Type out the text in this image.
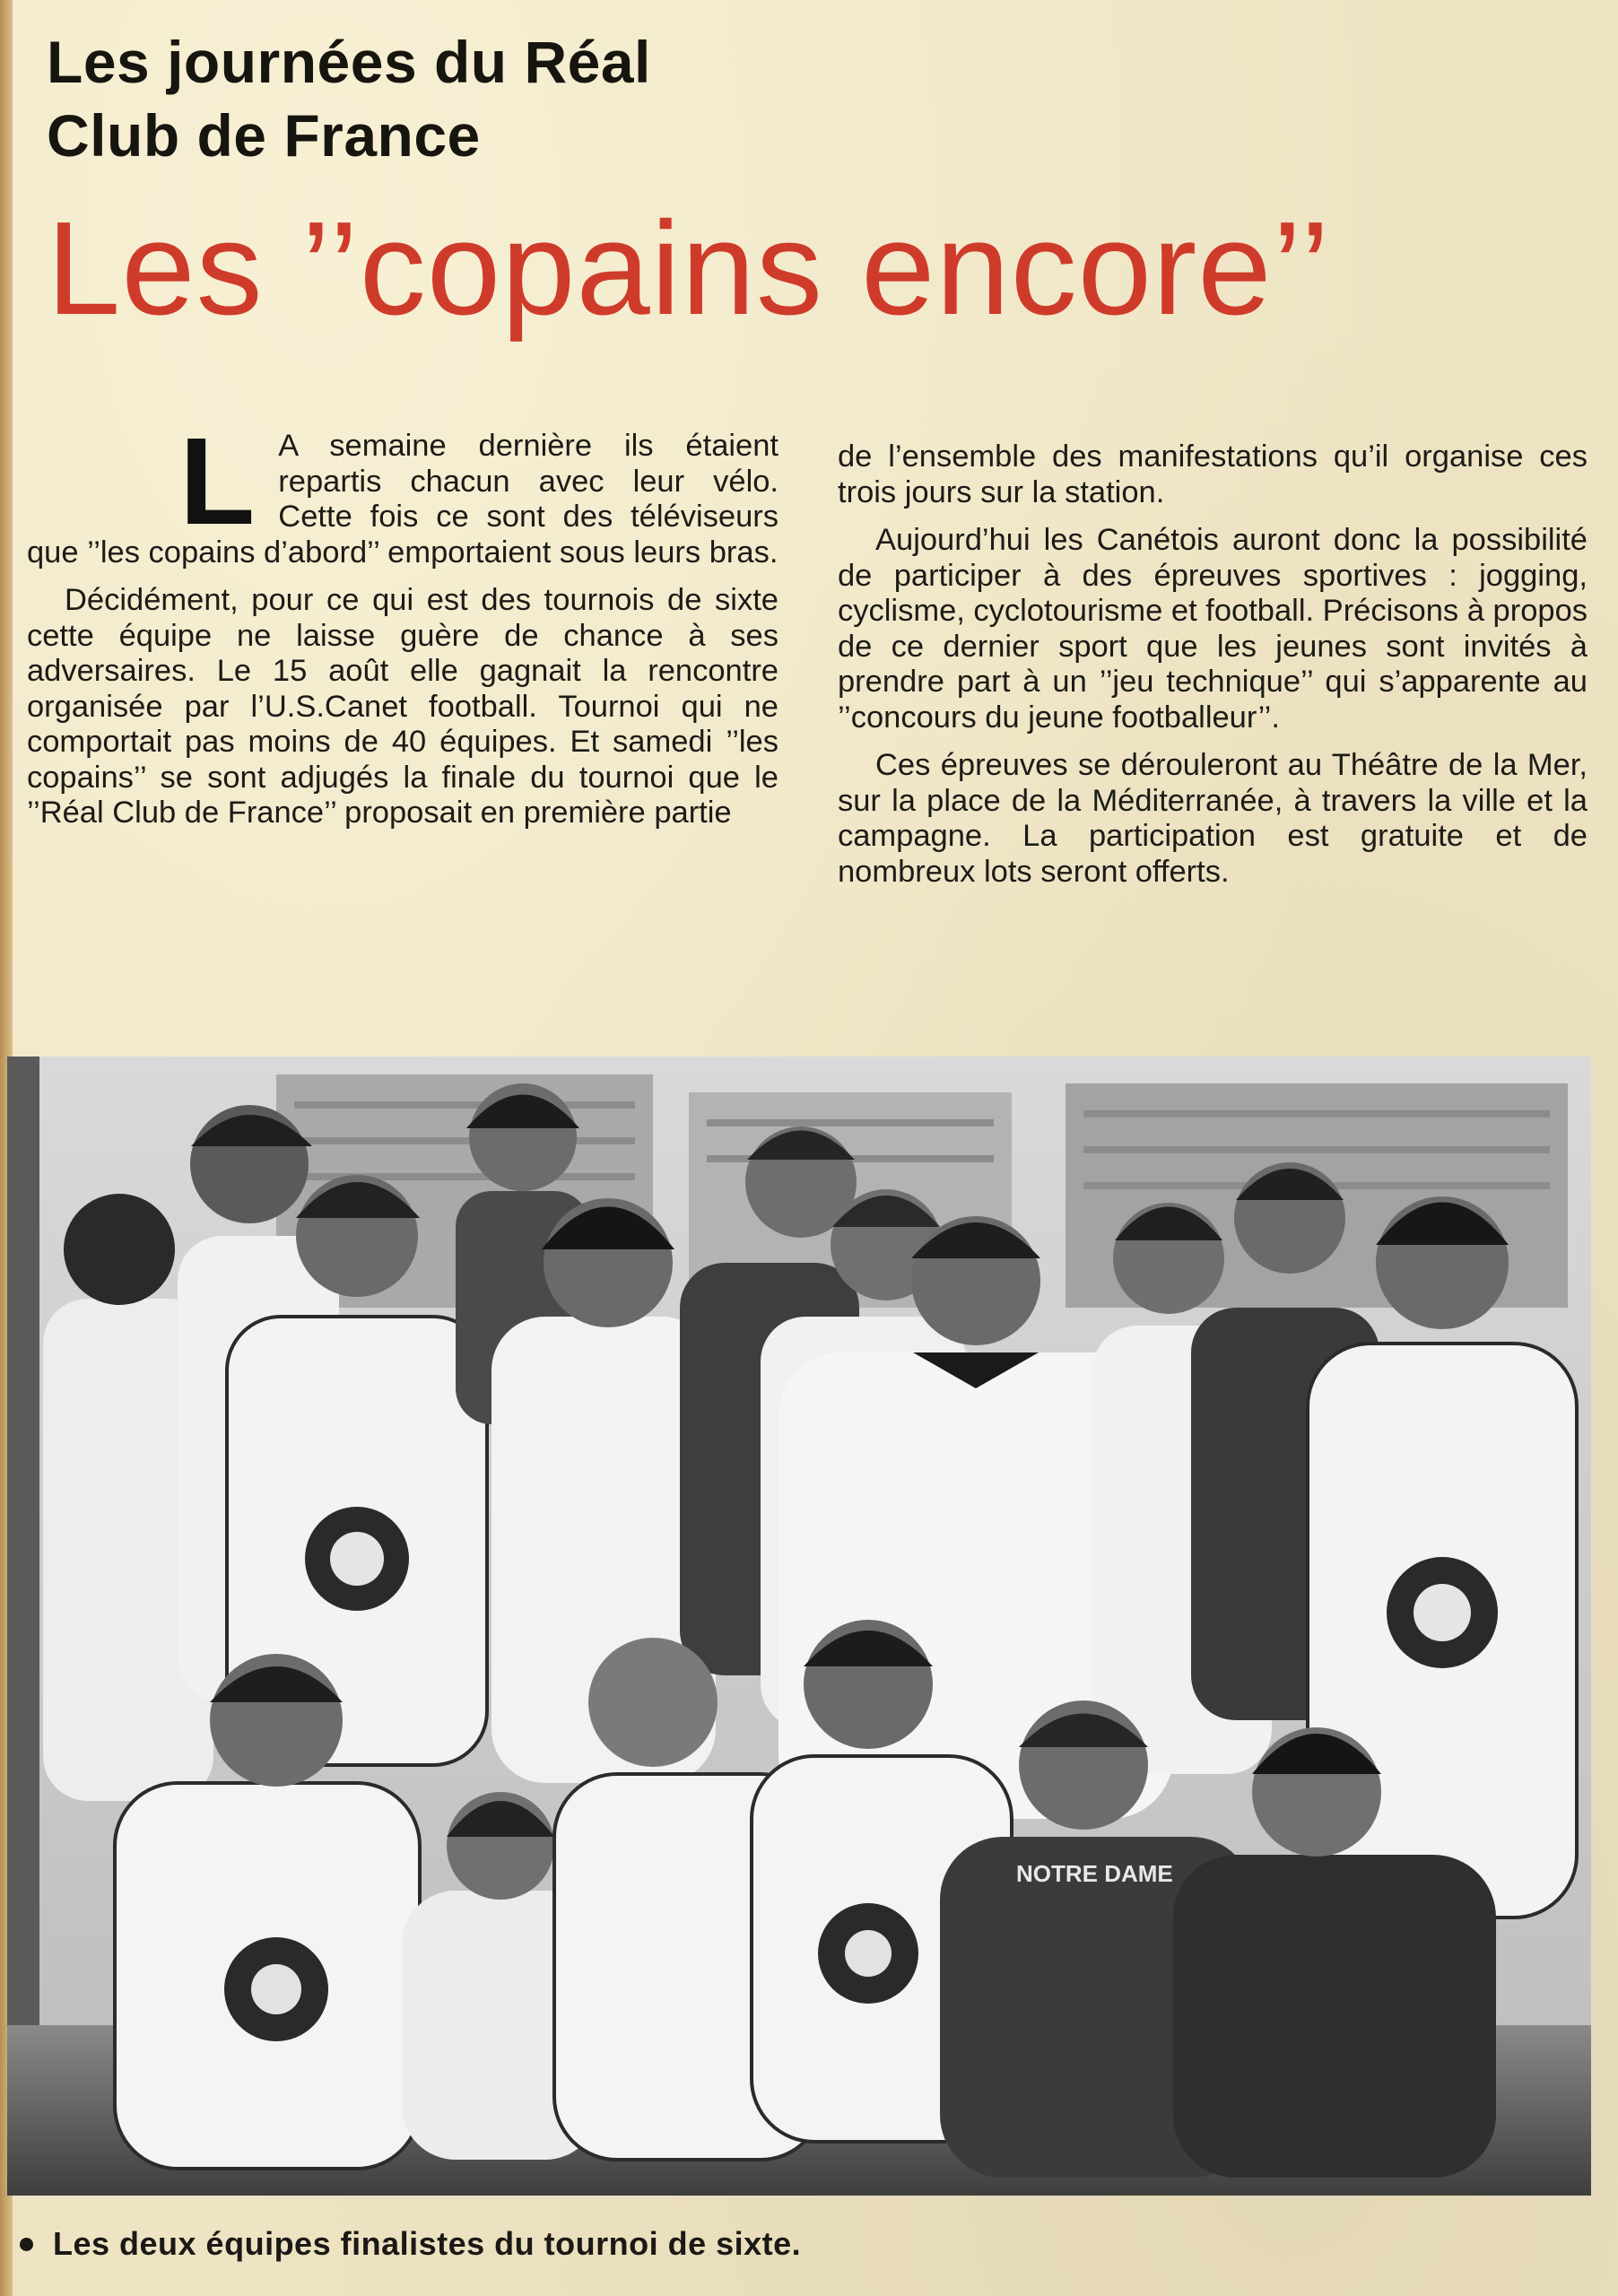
Les journées du Réal
Club de France
Les ’’copains encore’’
L A semaine dernière ils étaient repartis chacun avec leur vélo. Cette fois ce sont des téléviseurs que ’’les copains d’abord’’ emportaient sous leurs bras.

Décidément, pour ce qui est des tournois de sixte cette équipe ne laisse guère de chance à ses adversaires. Le 15 août elle gagnait la rencontre organisée par l’U.S.Canet football. Tournoi qui ne comportait pas moins de 40 équipes. Et samedi ’’les copains’’ se sont adjugés la finale du tournoi que le ’’Réal Club de France’’ proposait en première partie

de l’ensemble des manifestations qu’il organise ces trois jours sur la station.

Aujourd’hui les Canétois auront donc la possibilité de participer à des épreuves sportives : jogging, cyclisme, cyclotourisme et football. Précisons à propos de ce dernier sport que les jeunes sont invités à prendre part à un ’’jeu technique’’ qui s’apparente au ’’concours du jeune footballeur’’.

Ces épreuves se dérouleront au Théâtre de la Mer, sur la place de la Méditerranée, à travers la ville et la campagne. La participation est gratuite et de nombreux lots seront offerts.

NOTRE DAME
Les deux équipes finalistes du tournoi de sixte.
